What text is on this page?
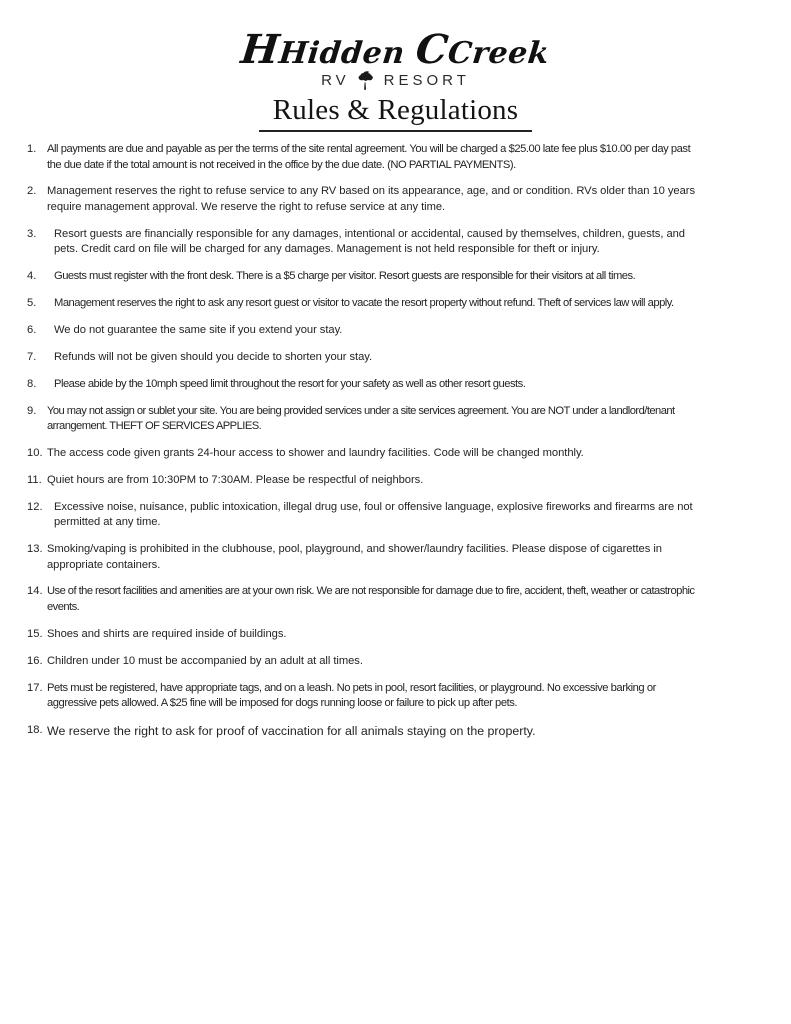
HHidden CCreek
RV RESORT
Rules & Regulations
1. All payments are due and payable as per the terms of the site rental agreement. You will be charged a $25.00 late fee plus $10.00 per day past the due date if the total amount is not received in the office by the due date. (NO PARTIAL PAYMENTS).
2. Management reserves the right to refuse service to any RV based on its appearance, age, and or condition. RVs older than 10 years require management approval. We reserve the right to refuse service at any time.
3.	Resort guests are financially responsible for any damages, intentional or accidental, caused by themselves, children, guests, and pets. Credit card on file will be charged for any damages. Management is not held responsible for theft or injury.
4.	Guests must register with the front desk. There is a $5 charge per visitor. Resort guests are responsible for their visitors at all times.
5.	Management reserves the right to ask any resort guest or visitor to vacate the resort property without refund. Theft of services law will apply.
6.	We do not guarantee the same site if you extend your stay.
7.	Refunds will not be given should you decide to shorten your stay.
8.	Please abide by the 10mph speed limit throughout the resort for your safety as well as other resort guests.
9. You may not assign or sublet your site. You are being provided services under a site services agreement. You are NOT under a landlord/tenant arrangement. THEFT OF SERVICES APPLIES.
10. The access code given grants 24-hour access to shower and laundry facilities. Code will be changed monthly.
11. Quiet hours are from 10:30PM to 7:30AM. Please be respectful of neighbors.
12.	Excessive noise, nuisance, public intoxication, illegal drug use, foul or offensive language, explosive fireworks and firearms are not permitted at any time.
13. Smoking/vaping is prohibited in the clubhouse, pool, playground, and shower/laundry facilities. Please dispose of cigarettes in appropriate containers.
14. Use of the resort facilities and amenities are at your own risk. We are not responsible for damage due to fire, accident, theft, weather or catastrophic events.
15. Shoes and shirts are required inside of buildings.
16. Children under 10 must be accompanied by an adult at all times.
17. Pets must be registered, have appropriate tags, and on a leash. No pets in pool, resort facilities, or playground. No excessive barking or aggressive pets allowed. A $25 fine will be imposed for dogs running loose or failure to pick up after pets.
18. We reserve the right to ask for proof of vaccination for all animals staying on the property.
